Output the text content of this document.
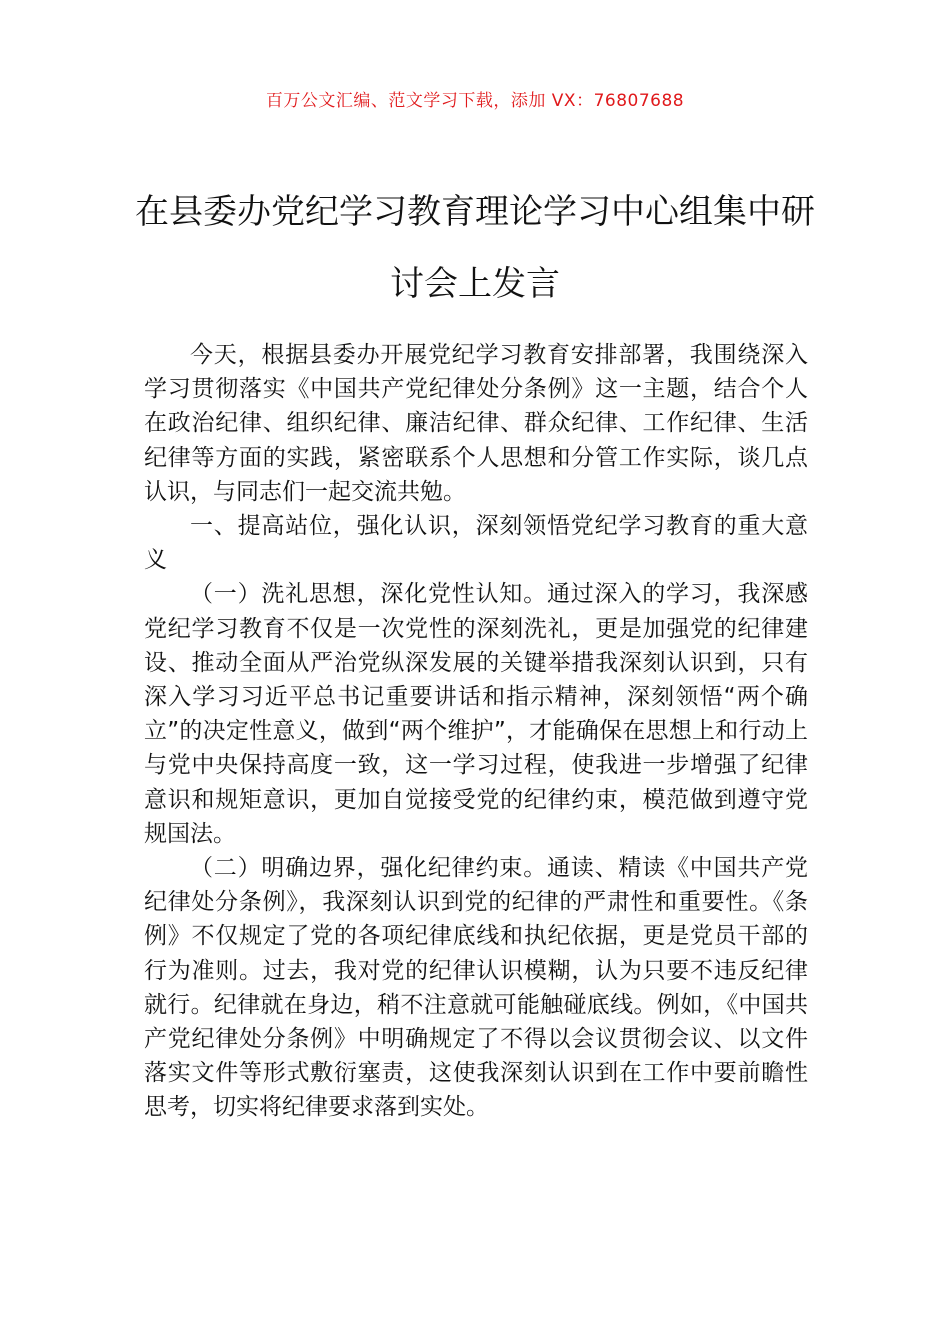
百万公文汇编、范文学习下载，添加 VX：76807688
在县委办党纪学习教育理论学习中心组集中研讨会上发言

今天，根据县委办开展党纪学习教育安排部署，我围绕深入学习贯彻落实《中国共产党纪律处分条例》这一主题，结合个人在政治纪律、组织纪律、廉洁纪律、群众纪律、工作纪律、生活纪律等方面的实践，紧密联系个人思想和分管工作实际，谈几点认识，与同志们一起交流共勉。

一、提高站位，强化认识，深刻领悟党纪学习教育的重大意义

（一）洗礼思想，深化党性认知。通过深入的学习，我深感党纪学习教育不仅是一次党性的深刻洗礼，更是加强党的纪律建设、推动全面从严治党纵深发展的关键举措我深刻认识到，只有深入学习习近平总书记重要讲话和指示精神，深刻领悟“两个确立”的决定性意义，做到“两个维护”，才能确保在思想上和行动上与党中央保持高度一致，这一学习过程，使我进一步增强了纪律意识和规矩意识，更加自觉接受党的纪律约束，模范做到遵守党规国法。

（二）明确边界，强化纪律约束。通读、精读《中国共产党纪律处分条例》，我深刻认识到党的纪律的严肃性和重要性。《条例》不仅规定了党的各项纪律底线和执纪依据，更是党员干部的行为准则。过去，我对党的纪律认识模糊，认为只要不违反纪律就行。纪律就在身边，稍不注意就可能触碰底线。例如，《中国共产党纪律处分条例》中明确规定了不得以会议贯彻会议、以文件落实文件等形式敷衍塞责，这使我深刻认识到在工作中要前瞻性思考，切实将纪律要求落到实处。
